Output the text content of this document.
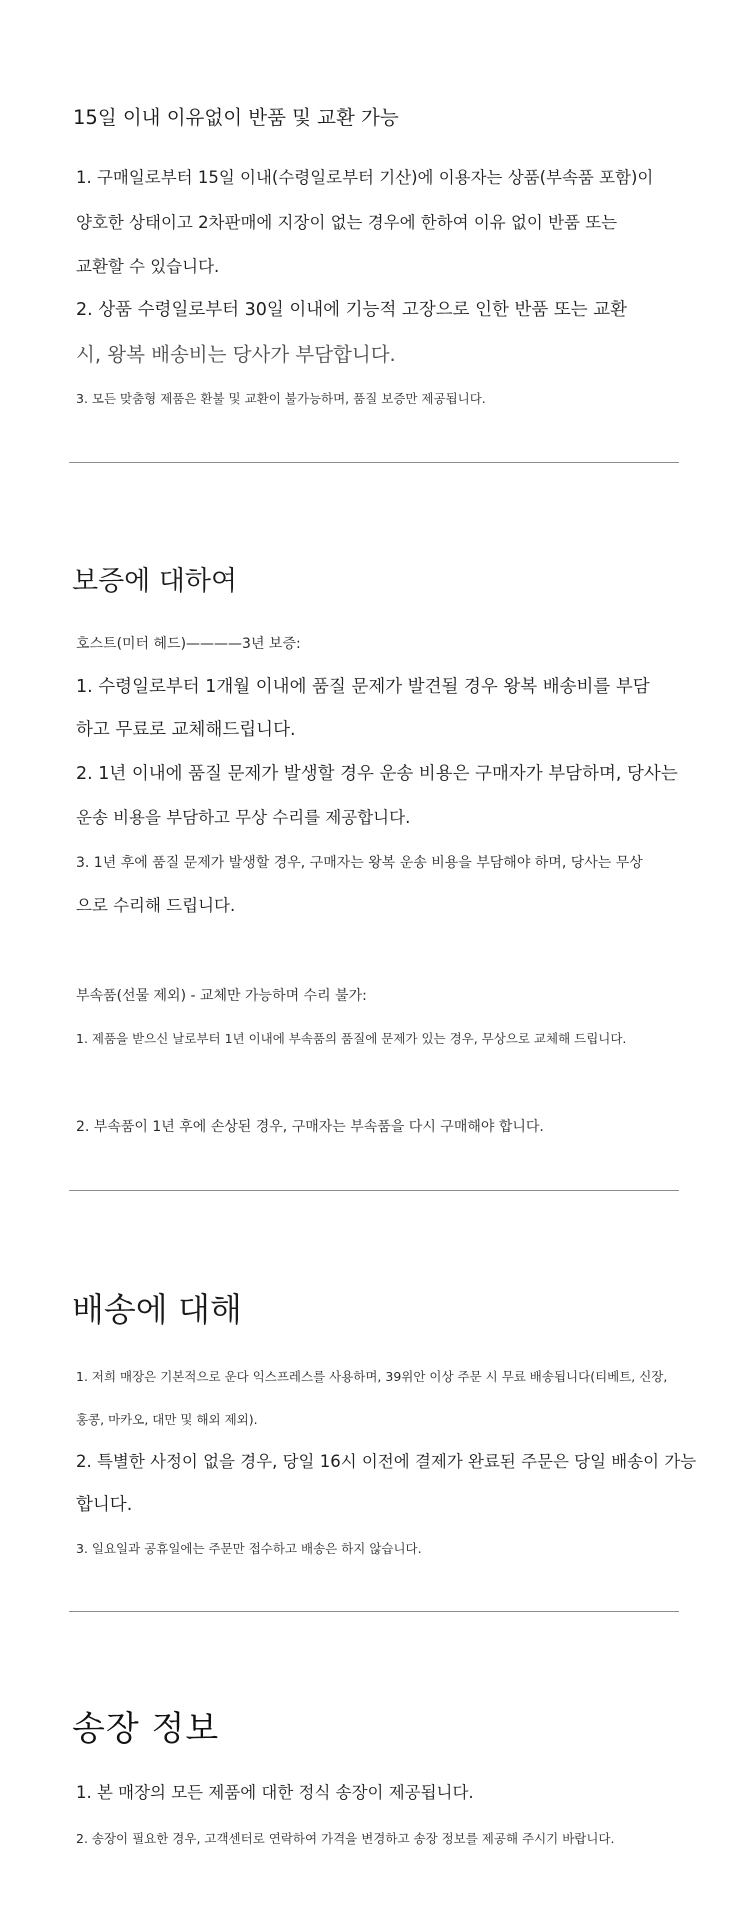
15일 이내 이유없이 반품 및 교환 가능
1. 구매일로부터 15일 이내(수령일로부터 기산)에 이용자는 상품(부속품 포함)이
양호한 상태이고 2차판매에 지장이 없는 경우에 한하여 이유 없이 반품 또는
교환할 수 있습니다.
2. 상품 수령일로부터 30일 이내에 기능적 고장으로 인한 반품 또는 교환
시, 왕복 배송비는 당사가 부담합니다.
3. 모든 맞춤형 제품은 환불 및 교환이 불가능하며, 품질 보증만 제공됩니다.
보증에 대하여
호스트(미터 헤드)————3년 보증:
1. 수령일로부터 1개월 이내에 품질 문제가 발견될 경우 왕복 배송비를 부담
하고 무료로 교체해드립니다.
2. 1년 이내에 품질 문제가 발생할 경우 운송 비용은 구매자가 부담하며, 당사는
운송 비용을 부담하고 무상 수리를 제공합니다.
3. 1년 후에 품질 문제가 발생할 경우, 구매자는 왕복 운송 비용을 부담해야 하며, 당사는 무상
으로 수리해 드립니다.
부속품(선물 제외) - 교체만 가능하며 수리 불가:
1. 제품을 받으신 날로부터 1년 이내에 부속품의 품질에 문제가 있는 경우, 무상으로 교체해 드립니다.
2. 부속품이 1년 후에 손상된 경우, 구매자는 부속품을 다시 구매해야 합니다.
배송에 대해
1. 저희 매장은 기본적으로 운다 익스프레스를 사용하며, 39위안 이상 주문 시 무료 배송됩니다(티베트, 신장,
홍콩, 마카오, 대만 및 해외 제외).
2. 특별한 사정이 없을 경우, 당일 16시 이전에 결제가 완료된 주문은 당일 배송이 가능
합니다.
3. 일요일과 공휴일에는 주문만 접수하고 배송은 하지 않습니다.
송장 정보
1. 본 매장의 모든 제품에 대한 정식 송장이 제공됩니다.
2. 송장이 필요한 경우, 고객센터로 연락하여 가격을 변경하고 송장 정보를 제공해 주시기 바랍니다.
